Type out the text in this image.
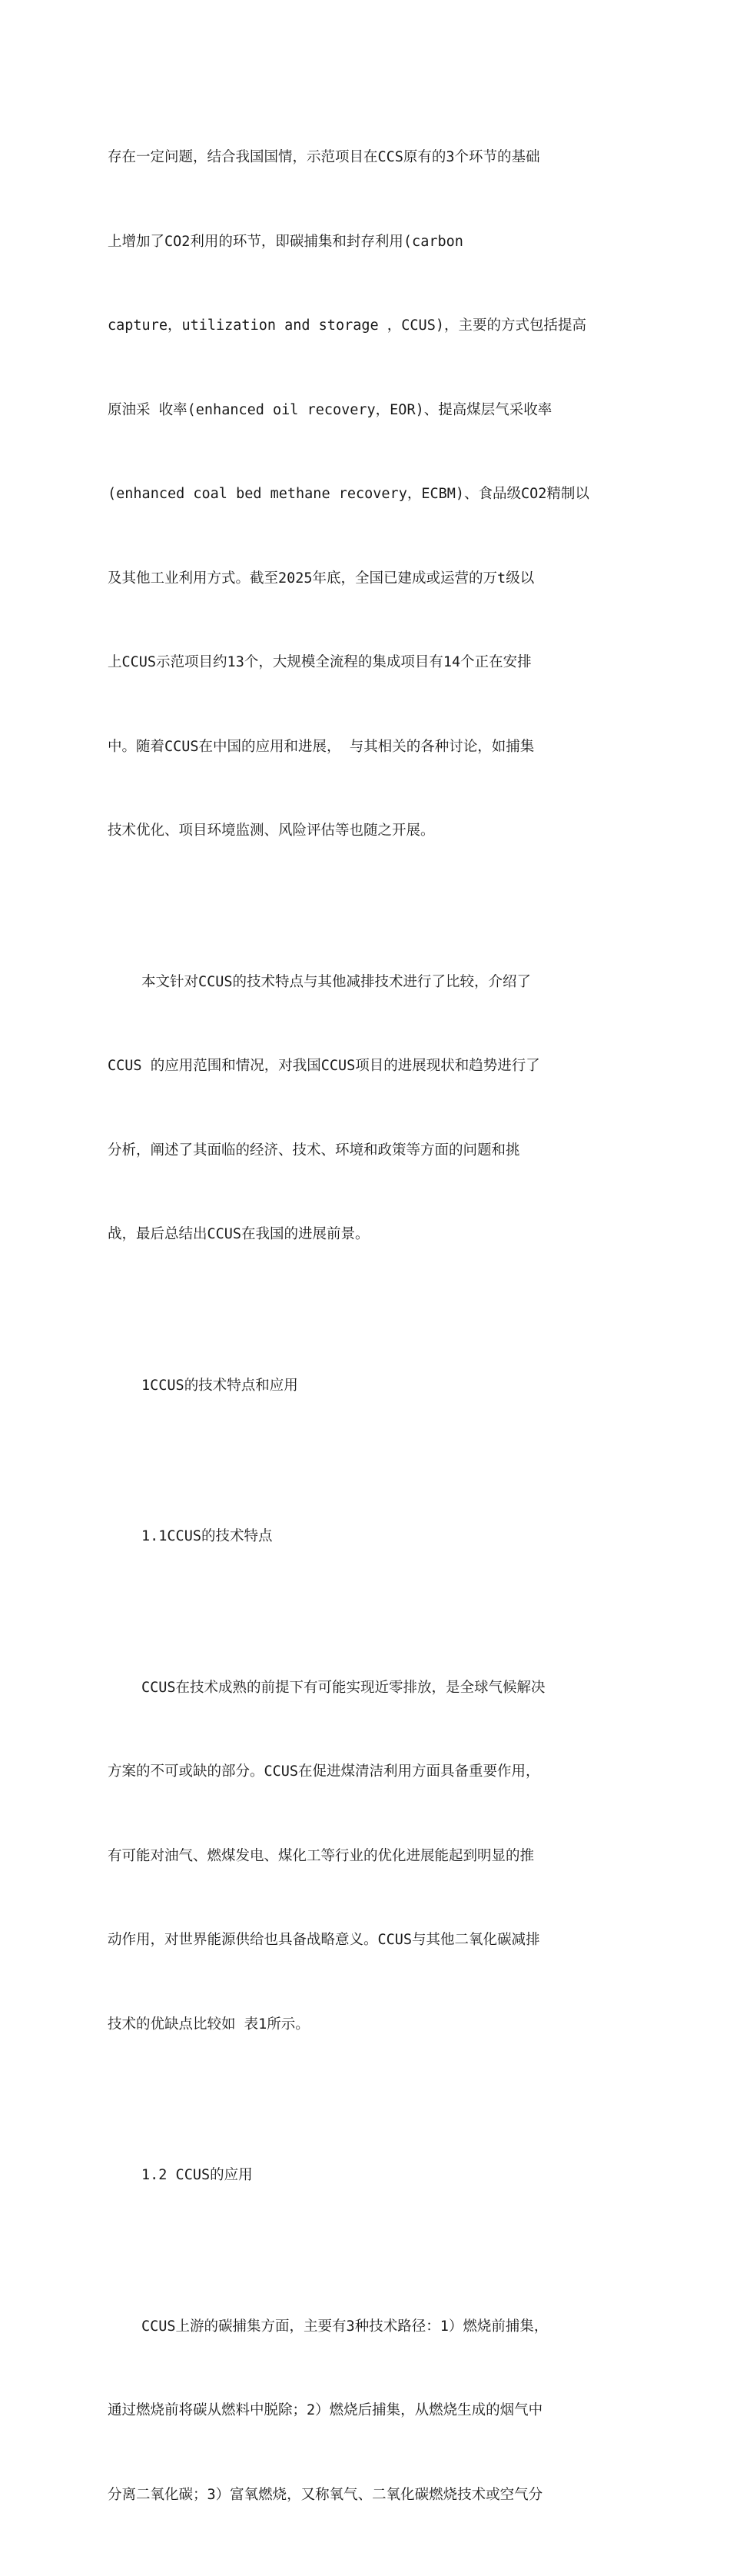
存在一定问题，结合我国国情，示范项目在CCS原有的3个环节的基础

上增加了CO2利用的环节，即碳捕集和封存利用(carbon

capture，utilization and storage ，CCUS)，主要的方式包括提高

原油采 收率(enhanced oil recovery，EOR)、提高煤层气采收率

(enhanced coal bed methane recovery，ECBM)、食品级CO2精制以

及其他工业利用方式。截至2025年底，全国已建成或运营的万t级以

上CCUS示范项目约13个，大规模全流程的集成项目有14个正在安排

中。随着CCUS在中国的应用和进展， 与其相关的各种讨论，如捕集

技术优化、项目环境监测、风险评估等也随之开展。

本文针对CCUS的技术特点与其他减排技术进行了比较，介绍了

CCUS 的应用范围和情况，对我国CCUS项目的进展现状和趋势进行了

分析，阐述了其面临的经济、技术、环境和政策等方面的问题和挑

战，最后总结出CCUS在我国的进展前景。

1CCUS的技术特点和应用

1.1CCUS的技术特点

CCUS在技术成熟的前提下有可能实现近零排放，是全球气候解决

方案的不可或缺的部分。CCUS在促进煤清洁利用方面具备重要作用，

有可能对油气、燃煤发电、煤化工等行业的优化进展能起到明显的推

动作用，对世界能源供给也具备战略意义。CCUS与其他二氧化碳减排

技术的优缺点比较如 表1所示。

1.2 CCUS的应用

CCUS上游的碳捕集方面，主要有3种技术路径：1）燃烧前捕集，

通过燃烧前将碳从燃料中脱除；2）燃烧后捕集，从燃烧生成的烟气中

分离二氧化碳；3）富氧燃烧，又称氧气、二氧化碳燃烧技术或空气分
